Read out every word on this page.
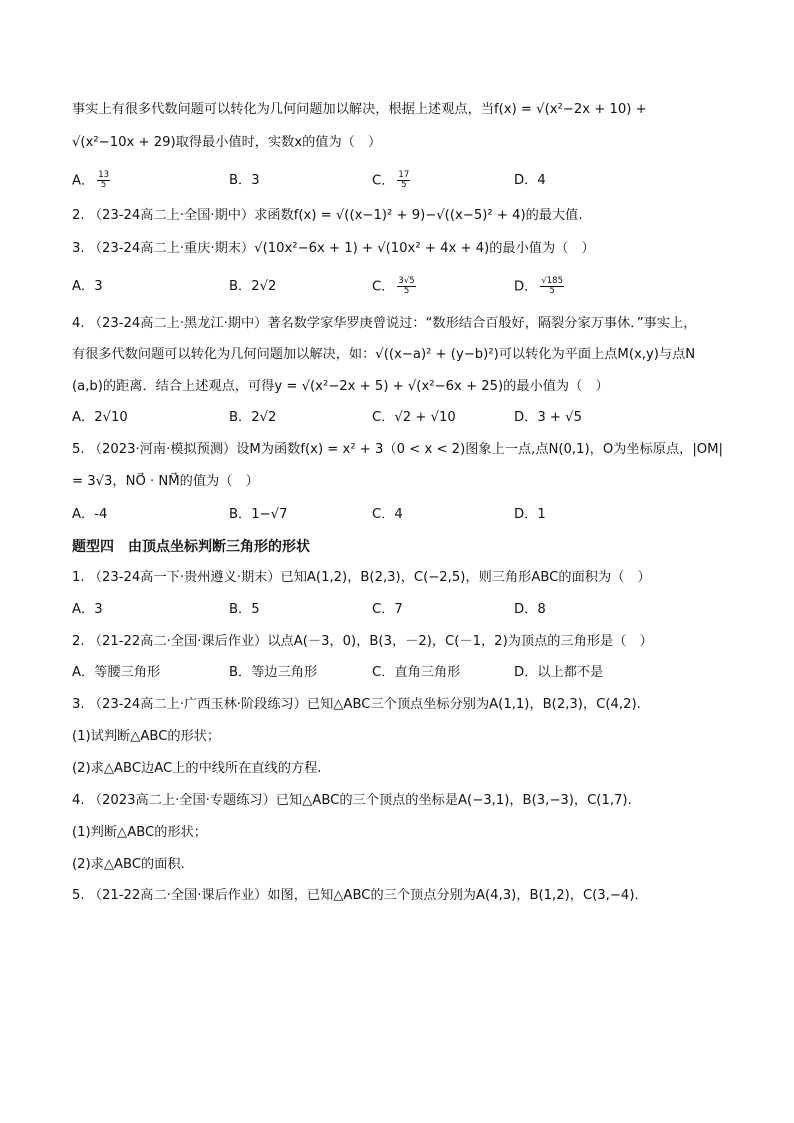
事实上有很多代数问题可以转化为几何问题加以解决，根据上述观点，当f(x) = √(x²−2x + 10) +
√(x²−10x + 29)取得最小值时，实数x的值为（　）
A． $\frac{13}{5}$	B．3	C． $\frac{17}{5}$	D．4
2. （23-24高二上·全国·期中）求函数f(x) = √((x−1)² + 9)−√((x−5)² + 4)的最大值.
3. （23-24高二上·重庆·期末）√(10x²−6x + 1) + √(10x² + 4x + 4)的最小值为（　）
A．3	B．2√2	C． $\frac{3√5}{5}$	D． $\frac{√185}{5}$
4. （23-24高二上·黑龙江·期中）著名数学家华罗庚曾说过：“数形结合百般好，隔裂分家万事休．”事实上，
有很多代数问题可以转化为几何问题加以解决，如：√((x−a)² + (y−b)²)可以转化为平面上点M(x,y)与点N
(a,b)的距离．结合上述观点，可得y = √(x²−2x + 5) + √(x²−6x + 25)的最小值为（　）
A．2√10	B．2√2	C．√2 + √10	D．3 + √5
5. （2023·河南·模拟预测）设M为函数f(x) = x² + 3（0 < x < 2)图象上一点,点N(0,1)，O为坐标原点，|OM|
= 3√3，NO⃗ · NM⃗的值为（　）
A．-4	B．1−√7	C．4	D．1
题型四　由顶点坐标判断三角形的形状
1. （23-24高一下·贵州遵义·期末）已知A(1,2)，B(2,3)，C(−2,5)，则三角形ABC的面积为（　）
A．3	B．5	C．7	D．8
2. （21-22高二·全国·课后作业）以点A(－3，0)，B(3，－2)，C(－1，2)为顶点的三角形是（　）
A．等腰三角形	B．等边三角形	C．直角三角形	D．以上都不是
3. （23-24高二上·广西玉林·阶段练习）已知△ABC三个顶点坐标分别为A(1,1)，B(2,3)，C(4,2).
(1)试判断△ABC的形状；
(2)求△ABC边AC上的中线所在直线的方程.
4. （2023高二上·全国·专题练习）已知△ABC的三个顶点的坐标是A(−3,1)，B(3,−3)，C(1,7).
(1)判断△ABC的形状；
(2)求△ABC的面积.
5. （21-22高二·全国·课后作业）如图，已知△ABC的三个顶点分别为A(4,3)，B(1,2)，C(3,−4)．
